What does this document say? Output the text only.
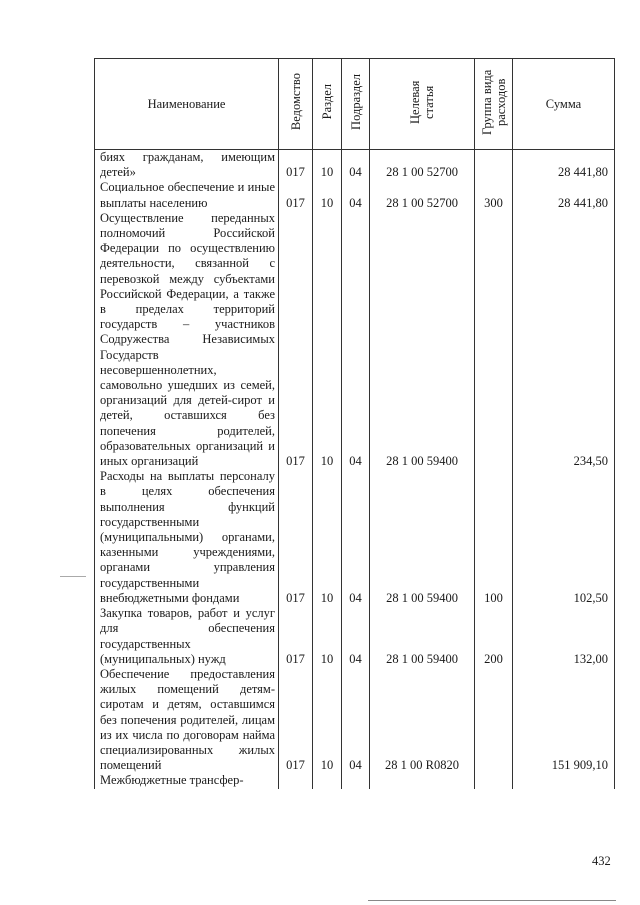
Наименование	Ведомство	Раздел	Подраздел	Целевая статья	Группа вида расходов	Сумма
биях гражданам, имеющим детей»	017	10	04	28 1 00 52700		28 441,80
Социальное обеспечение и иные выплаты населению	017	10	04	28 1 00 52700	300	28 441,80
Осуществление переданных полномочий Российской Федерации по осуществлению деятельности, связанной с перевозкой между субъектами Российской Федерации, а также в пределах территорий государств – участников Содружества Независимых Государств несовершеннолетних, самовольно ушедших из семей, организаций для детей-сирот и детей, оставшихся без попечения родителей, образовательных организаций и иных организаций	017	10	04	28 1 00 59400		234,50
Расходы на выплаты персоналу в целях обеспечения выполнения функций государственными (муниципальными) органами, казенными учреждениями, органами управления государственными внебюджетными фондами	017	10	04	28 1 00 59400	100	102,50
Закупка товаров, работ и услуг для обеспечения государственных (муниципальных) нужд	017	10	04	28 1 00 59400	200	132,00
Обеспечение предоставления жилых помещений детям-сиротам и детям, оставшимся без попечения родителей, лицам из их числа по договорам найма специализированных жилых помещений	017	10	04	28 1 00 R0820		151 909,10
Межбюджетные трансфер-						
432
